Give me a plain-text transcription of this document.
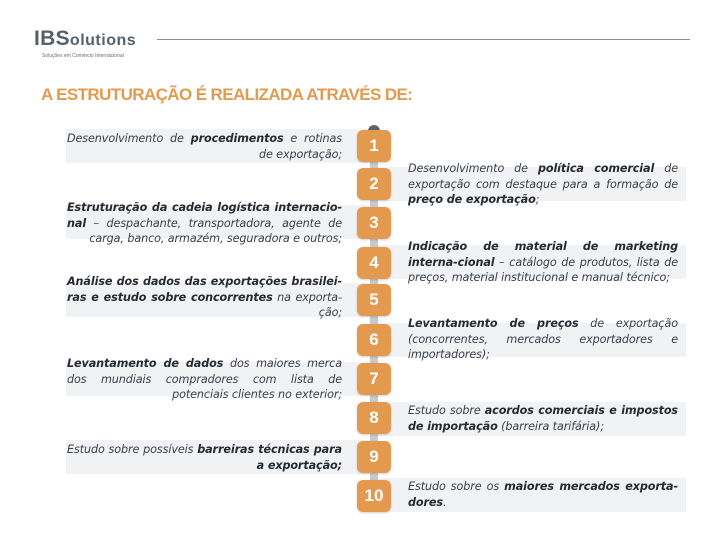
IBSolutions
Soluções em Comércio Internacional
A ESTRUTURAÇÃO É REALIZADA ATRAVÉS DE:
1
2
3
4
5
6
7
8
9
10
Desenvolvimento de procedimentos e rotinas de exportação;
Estruturação da cadeia logística internacio-nal – despachante, transportadora, agente de carga, banco, armazém, seguradora e outros;
Análise dos dados das exportações brasilei-ras e estudo sobre concorrentes na exporta-ção;
Levantamento de dados dos maiores merca dos mundiais compradores com lista de potenciais clientes no exterior;
Estudo sobre possíveis barreiras técnicas para a exportação;
Desenvolvimento de política comercial de exportação com destaque para a formação de preço de exportação;
Indicação de material de marketing interna-cional – catálogo de produtos, lista de preços, material institucional e manual técnico;
Levantamento de preços de exportação (concorrentes, mercados exportadores e importadores);
Estudo sobre acordos comerciais e impostos de importação (barreira tarifária);
Estudo sobre os maiores mercados exporta-dores.
